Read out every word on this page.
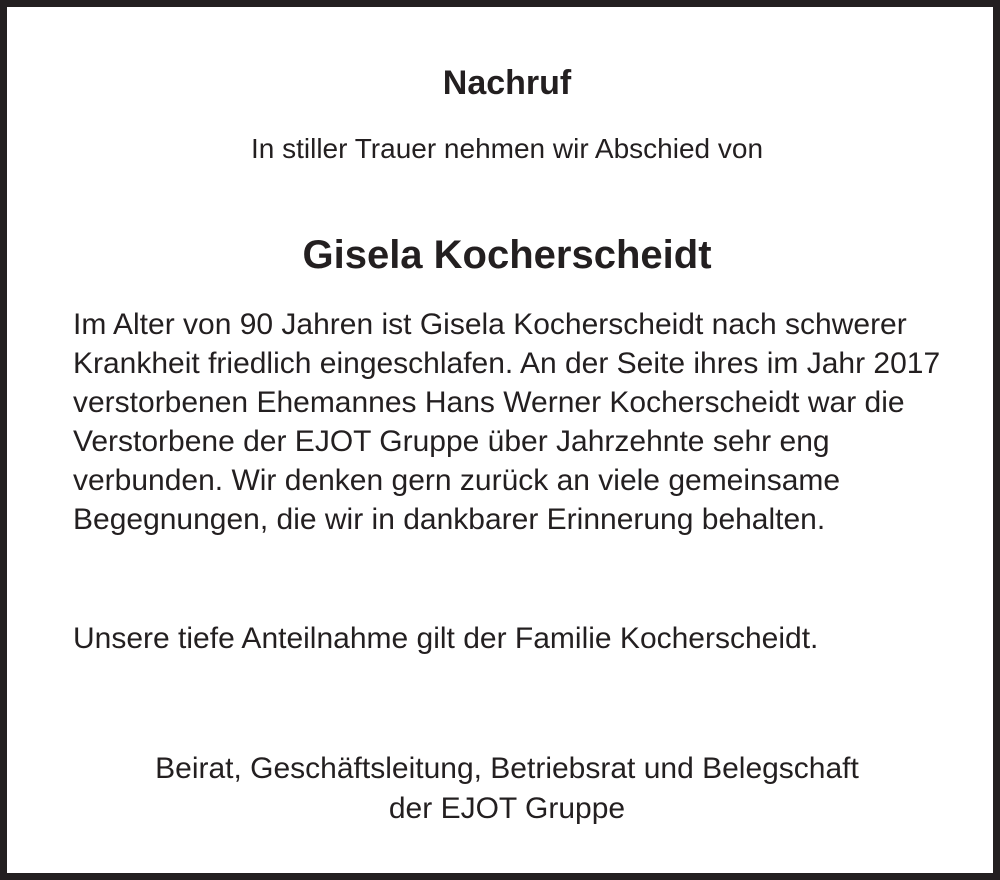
Nachruf

In stiller Trauer nehmen wir Abschied von

Gisela Kocherscheidt

Im Alter von 90 Jahren ist Gisela Kocherscheidt nach schwerer Krankheit friedlich eingeschlafen. An der Seite ihres im Jahr 2017 verstorbenen Ehemannes Hans Werner Kocherscheidt war die Verstorbene der EJOT Gruppe über Jahrzehnte sehr eng verbunden. Wir denken gern zurück an viele gemeinsame Begegnungen, die wir in dankbarer Erinnerung behalten.

Unsere tiefe Anteilnahme gilt der Familie Kocherscheidt.

Beirat, Geschäftsleitung, Betriebsrat und Belegschaft
der EJOT Gruppe
